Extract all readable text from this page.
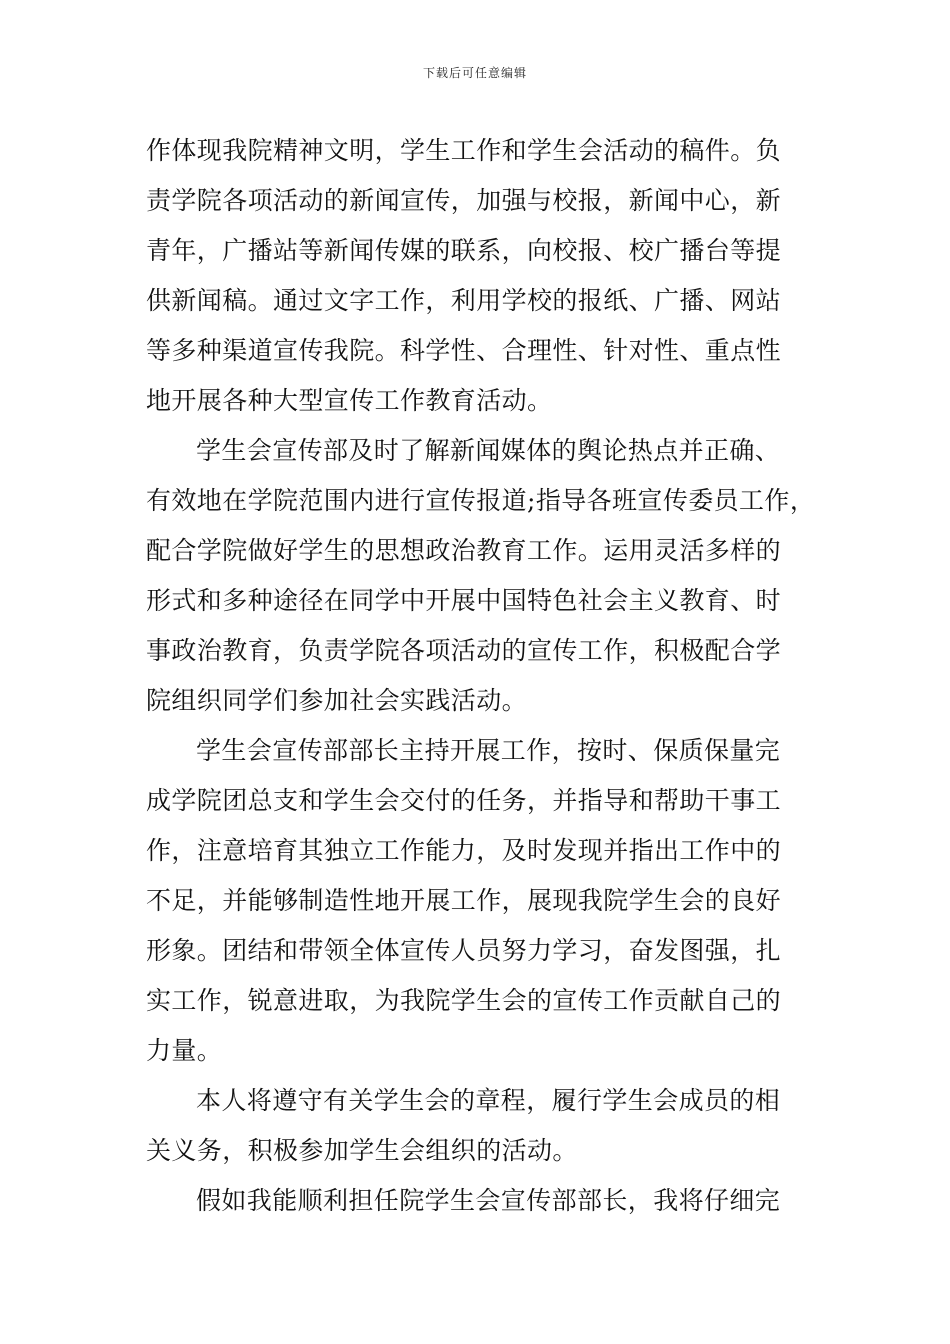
下载后可任意编辑
作体现我院精神文明，学生工作和学生会活动的稿件。负
责学院各项活动的新闻宣传，加强与校报，新闻中心，新
青年，广播站等新闻传媒的联系，向校报、校广播台等提
供新闻稿。通过文字工作，利用学校的报纸、广播、网站
等多种渠道宣传我院。科学性、合理性、针对性、重点性
地开展各种大型宣传工作教育活动。
学生会宣传部及时了解新闻媒体的舆论热点并正确、
有效地在学院范围内进行宣传报道;指导各班宣传委员工作，
配合学院做好学生的思想政治教育工作。运用灵活多样的
形式和多种途径在同学中开展中国特色社会主义教育、时
事政治教育，负责学院各项活动的宣传工作，积极配合学
院组织同学们参加社会实践活动。
学生会宣传部部长主持开展工作，按时、保质保量完
成学院团总支和学生会交付的任务，并指导和帮助干事工
作，注意培育其独立工作能力，及时发现并指出工作中的
不足，并能够制造性地开展工作，展现我院学生会的良好
形象。团结和带领全体宣传人员努力学习，奋发图强，扎
实工作，锐意进取，为我院学生会的宣传工作贡献自己的
力量。
本人将遵守有关学生会的章程，履行学生会成员的相
关义务，积极参加学生会组织的活动。
假如我能顺利担任院学生会宣传部部长，我将仔细完
